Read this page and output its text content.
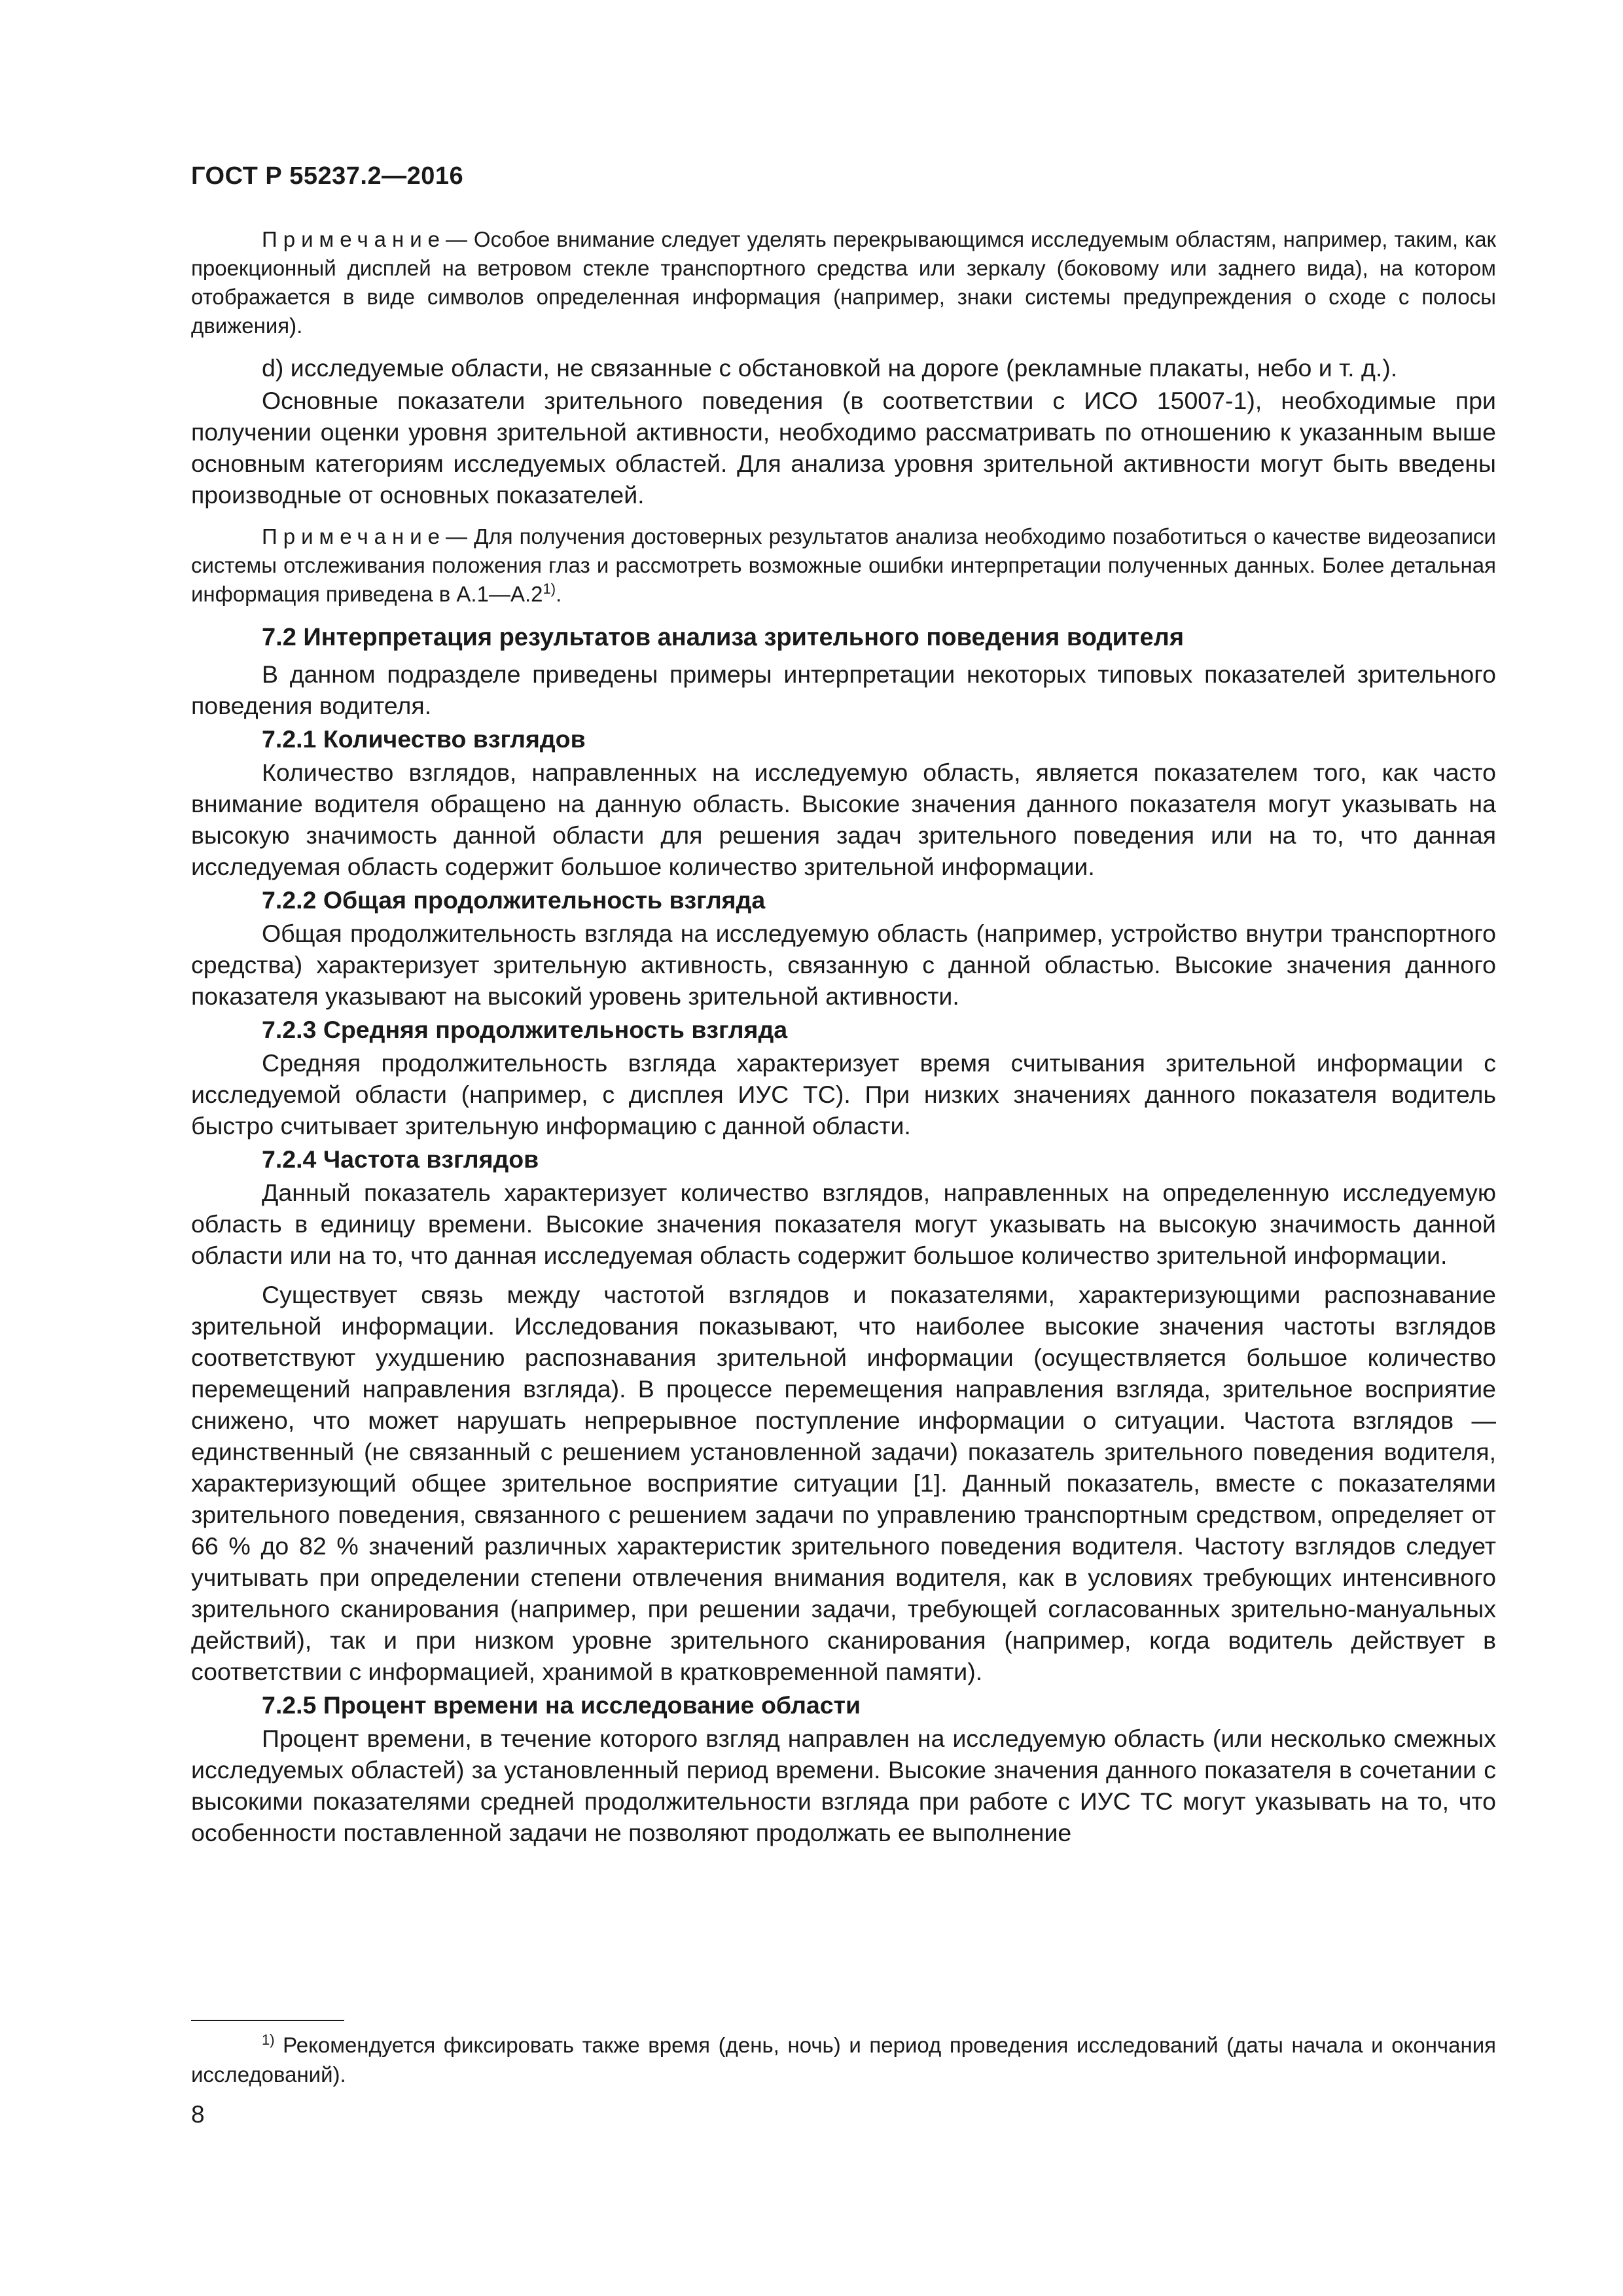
ГОСТ Р 55237.2—2016

Примечание— Особое внимание следует уделять перекрывающимся исследуемым областям, например, таким, как проекционный дисплей на ветровом стекле транспортного средства или зеркалу (боковому или заднего вида), на котором отображается в виде символов определенная информация (например, знаки системы предупреждения о сходе с полосы движения).

d) исследуемые области, не связанные с обстановкой на дороге (рекламные плакаты, небо и т. д.).

Основные показатели зрительного поведения (в соответствии с ИСО 15007-1), необходимые при получении оценки уровня зрительной активности, необходимо рассматривать по отношению к указанным выше основным категориям исследуемых областей. Для анализа уровня зрительной активности могут быть введены производные от основных показателей.

Примечание— Для получения достоверных результатов анализа необходимо позаботиться о качестве видеозаписи системы отслеживания положения глаз и рассмотреть возможные ошибки интерпретации полученных данных. Более детальная информация приведена в А.1—А.2$^{1)}$.

7.2 Интерпретация результатов анализа зрительного поведения водителя

В данном подразделе приведены примеры интерпретации некоторых типовых показателей зрительного поведения водителя.

7.2.1 Количество взглядов

Количество взглядов, направленных на исследуемую область, является показателем того, как часто внимание водителя обращено на данную область. Высокие значения данного показателя могут указывать на высокую значимость данной области для решения задач зрительного поведения или на то, что данная исследуемая область содержит большое количество зрительной информации.

7.2.2 Общая продолжительность взгляда

Общая продолжительность взгляда на исследуемую область (например, устройство внутри транспортного средства) характеризует зрительную активность, связанную с данной областью. Высокие значения данного показателя указывают на высокий уровень зрительной активности.

7.2.3 Средняя продолжительность взгляда

Средняя продолжительность взгляда характеризует время считывания зрительной информации с исследуемой области (например, с дисплея ИУС ТС). При низких значениях данного показателя водитель быстро считывает зрительную информацию с данной области.

7.2.4 Частота взглядов

Данный показатель характеризует количество взглядов, направленных на определенную исследуемую область в единицу времени. Высокие значения показателя могут указывать на высокую значимость данной области или на то, что данная исследуемая область содержит большое количество зрительной информации.

Существует связь между частотой взглядов и показателями, характеризующими распознавание зрительной информации. Исследования показывают, что наиболее высокие значения частоты взглядов соответствуют ухудшению распознавания зрительной информации (осуществляется большое количество перемещений направления взгляда). В процессе перемещения направления взгляда, зрительное восприятие снижено, что может нарушать непрерывное поступление информации о ситуации. Частота взглядов — единственный (не связанный с решением установленной задачи) показатель зрительного поведения водителя, характеризующий общее зрительное восприятие ситуации [1]. Данный показатель, вместе с показателями зрительного поведения, связанного с решением задачи по управлению транспортным средством, определяет от 66 % до 82 % значений различных характеристик зрительного поведения водителя. Частоту взглядов следует учитывать при определении степени отвлечения внимания водителя, как в условиях требующих интенсивного зрительного сканирования (например, при решении задачи, требующей согласованных зрительно-мануальных действий), так и при низком уровне зрительного сканирования (например, когда водитель действует в соответствии с информацией, хранимой в кратковременной памяти).

7.2.5 Процент времени на исследование области

Процент времени, в течение которого взгляд направлен на исследуемую область (или несколько смежных исследуемых областей) за установленный период времени. Высокие значения данного показателя в сочетании с высокими показателями средней продолжительности взгляда при работе с ИУС ТС могут указывать на то, что особенности поставленной задачи не позволяют продолжать ее выполнение

$^{1)}$ Рекомендуется фиксировать также время (день, ночь) и период проведения исследований (даты начала и окончания исследований).

8
